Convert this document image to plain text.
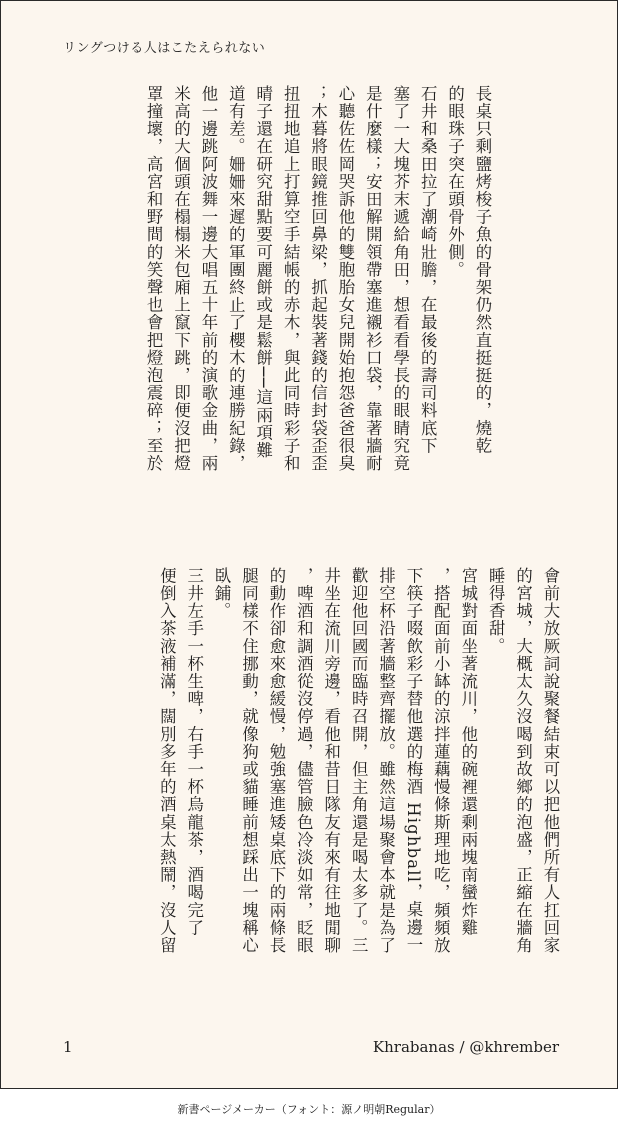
リングつける人はこたえられない

長桌只剩鹽烤梭子魚的骨架仍然直挺挺的，燒乾

的眼珠子突在頭骨外側。

石井和桑田拉了潮崎壯膽，在最後的壽司料底下

塞了一大塊芥末遞給角田，想看看學長的眼睛究竟

是什麼樣；安田解開領帶塞進襯衫口袋，靠著牆耐

心聽佐佐岡哭訴他的雙胞胎女兒開始抱怨爸爸很臭

；木暮將眼鏡推回鼻梁，抓起裝著錢的信封袋歪歪

扭扭地追上打算空手結帳的赤木，與此同時彩子和

晴子還在研究甜點要可麗餅或是鬆餅──這兩項難

道有差。姍姍來遲的軍團終止了櫻木的連勝紀錄，

他一邊跳阿波舞一邊大唱五十年前的演歌金曲，兩

米高的大個頭在榻榻米包廂上竄下跳，即便沒把燈

罩撞壞，高宮和野間的笑聲也會把燈泡震碎；至於

會前大放厥詞說聚餐結束可以把他們所有人扛回家

的宮城，大概太久沒喝到故鄉的泡盛，正縮在牆角

睡得香甜。

宮城對面坐著流川，他的碗裡還剩兩塊南蠻炸雞

，搭配面前小缽的涼拌蓮藕慢條斯理地吃，頻頻放

下筷子啜飲彩子替他選的梅酒 Highball，桌邊一

排空杯沿著牆整齊擺放。雖然這場聚會本就是為了

歡迎他回國而臨時召開，但主角還是喝太多了。三

井坐在流川旁邊，看他和昔日隊友有來有往地閒聊

，啤酒和調酒從沒停過，儘管臉色冷淡如常，眨眼

的動作卻愈來愈緩慢，勉強塞進矮桌底下的兩條長

腿同樣不住挪動，就像狗或貓睡前想踩出一塊稱心

臥鋪。

三井左手一杯生啤，右手一杯烏龍茶，酒喝完了

便倒入茶液補滿，闊別多年的酒桌太熱鬧，沒人留

1	Khrabanas / @khrember
新書ページメーカー（フォント：源ノ明朝Regular）
